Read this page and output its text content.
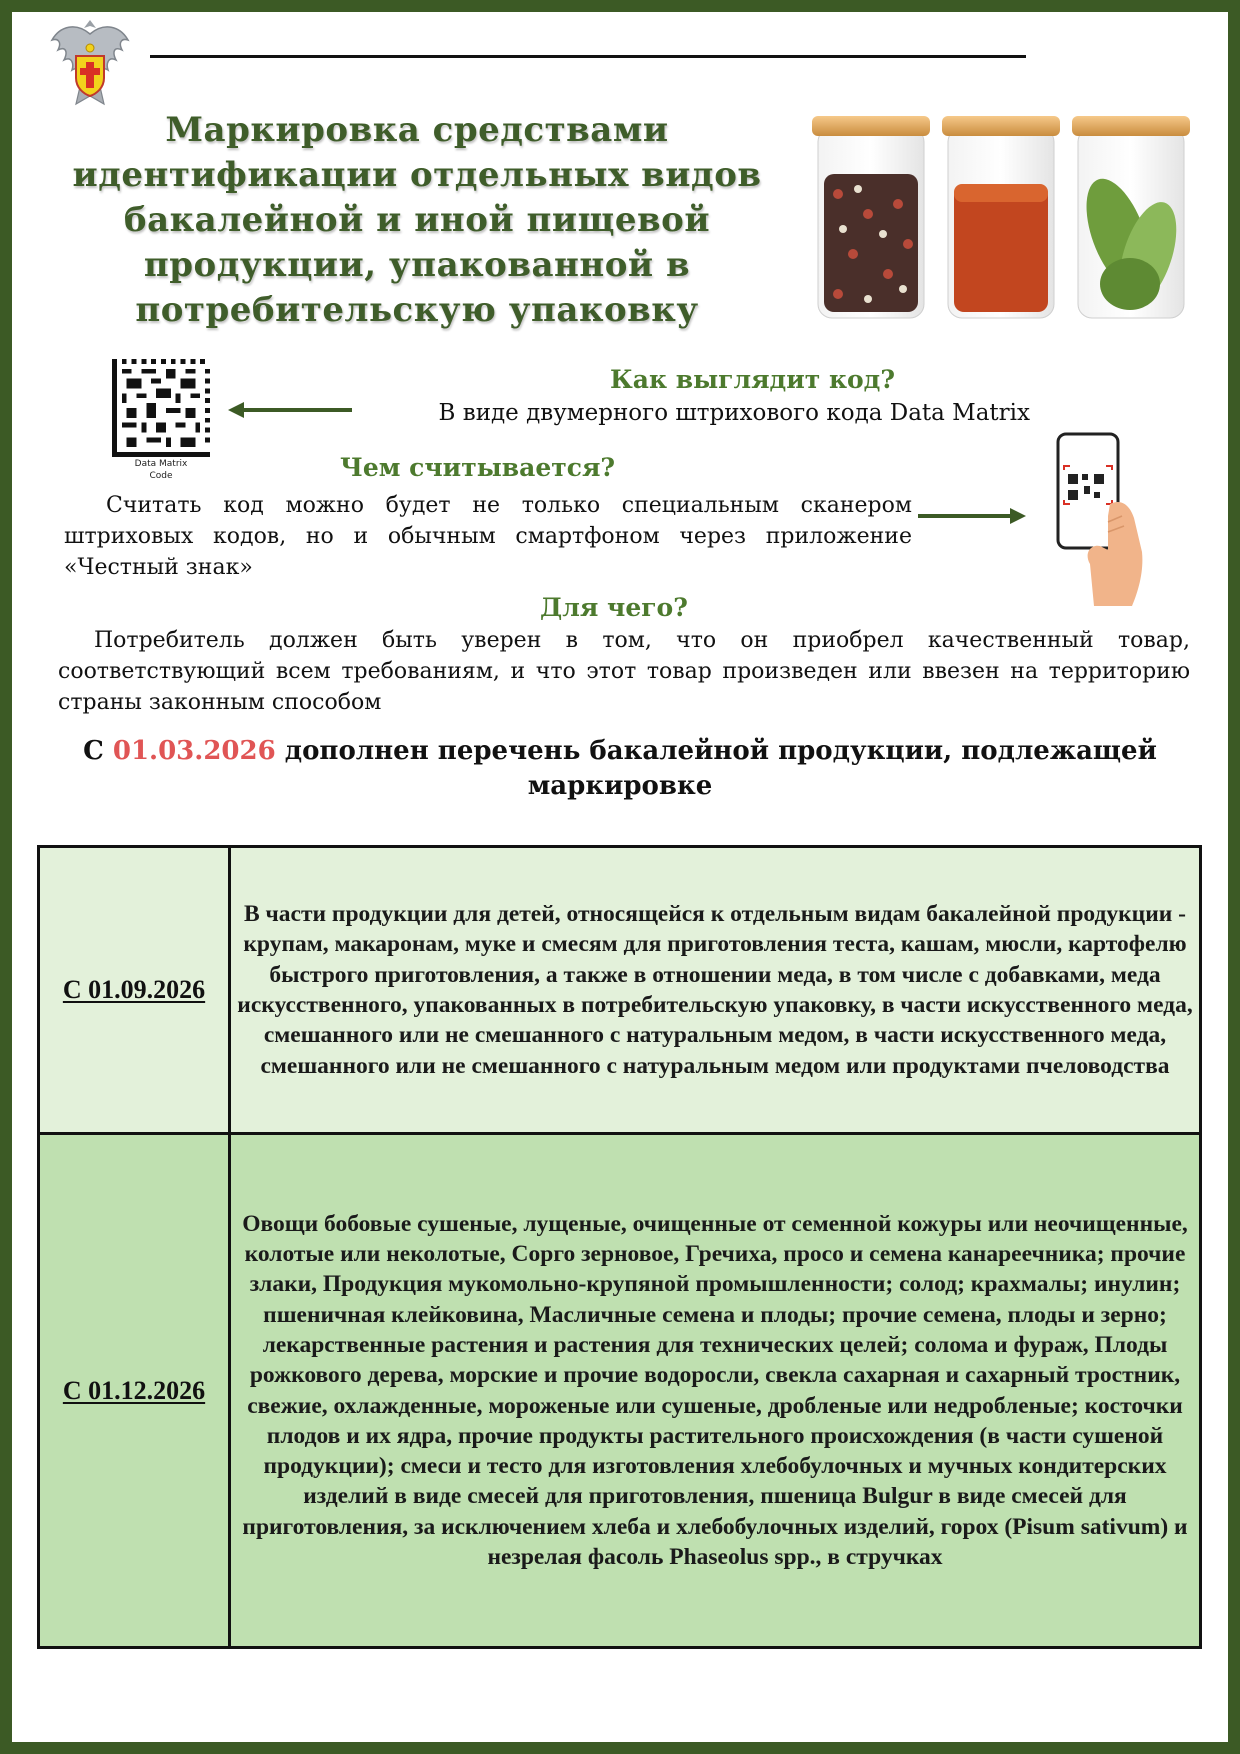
Маркировка средствами идентификации отдельных видов бакалейной и иной пищевой продукции, упакованной в потребительскую упаковку
Data Matrix
Code
Как выглядит код?
В виде двумерного штрихового кода Data Matrix
Чем считывается?
Считать код можно будет не только специальным сканером штриховых кодов, но и обычным смартфоном через приложение «Честный знак»
Для чего?
Потребитель должен быть уверен в том, что он приобрел качественный товар, соответствующий всем требованиям, и что этот товар произведен или ввезен на территорию страны законным способом
С 01.03.2026 дополнен перечень бакалейной продукции, подлежащей маркировке
С 01.09.2026	В части продукции для детей, относящейся к отдельным видам бакалейной продукции - крупам, макаронам, муке и смесям для приготовления теста, кашам, мюсли, картофелю быстрого приготовления, а также в отношении меда, в том числе с добавками, меда искусственного, упакованных в потребительскую упаковку, в части искусственного меда, смешанного или не смешанного с натуральным медом, в части искусственного меда, смешанного или не смешанного с натуральным медом или продуктами пчеловодства

С 01.12.2026	Овощи бобовые сушеные, лущеные, очищенные от семенной кожуры или неочищенные, колотые или неколотые, Сорго зерновое, Гречиха, просо и семена канареечника; прочие злаки, Продукция мукомольно-крупяной промышленности; солод; крахмалы; инулин; пшеничная клейковина, Масличные семена и плоды; прочие семена, плоды и зерно; лекарственные растения и растения для технических целей; солома и фураж, Плоды рожкового дерева, морские и прочие водоросли, свекла сахарная и сахарный тростник, свежие, охлажденные, мороженые или сушеные, дробленые или недробленые; косточки плодов и их ядра, прочие продукты растительного происхождения (в части сушеной продукции); смеси и тесто для изготовления хлебобулочных и мучных кондитерских изделий в виде смесей для приготовления, пшеница Bulgur в виде смесей для приготовления, за исключением хлеба и хлебобулочных изделий, горох (Pisum sativum) и незрелая фасоль Phaseolus spp., в стручках
